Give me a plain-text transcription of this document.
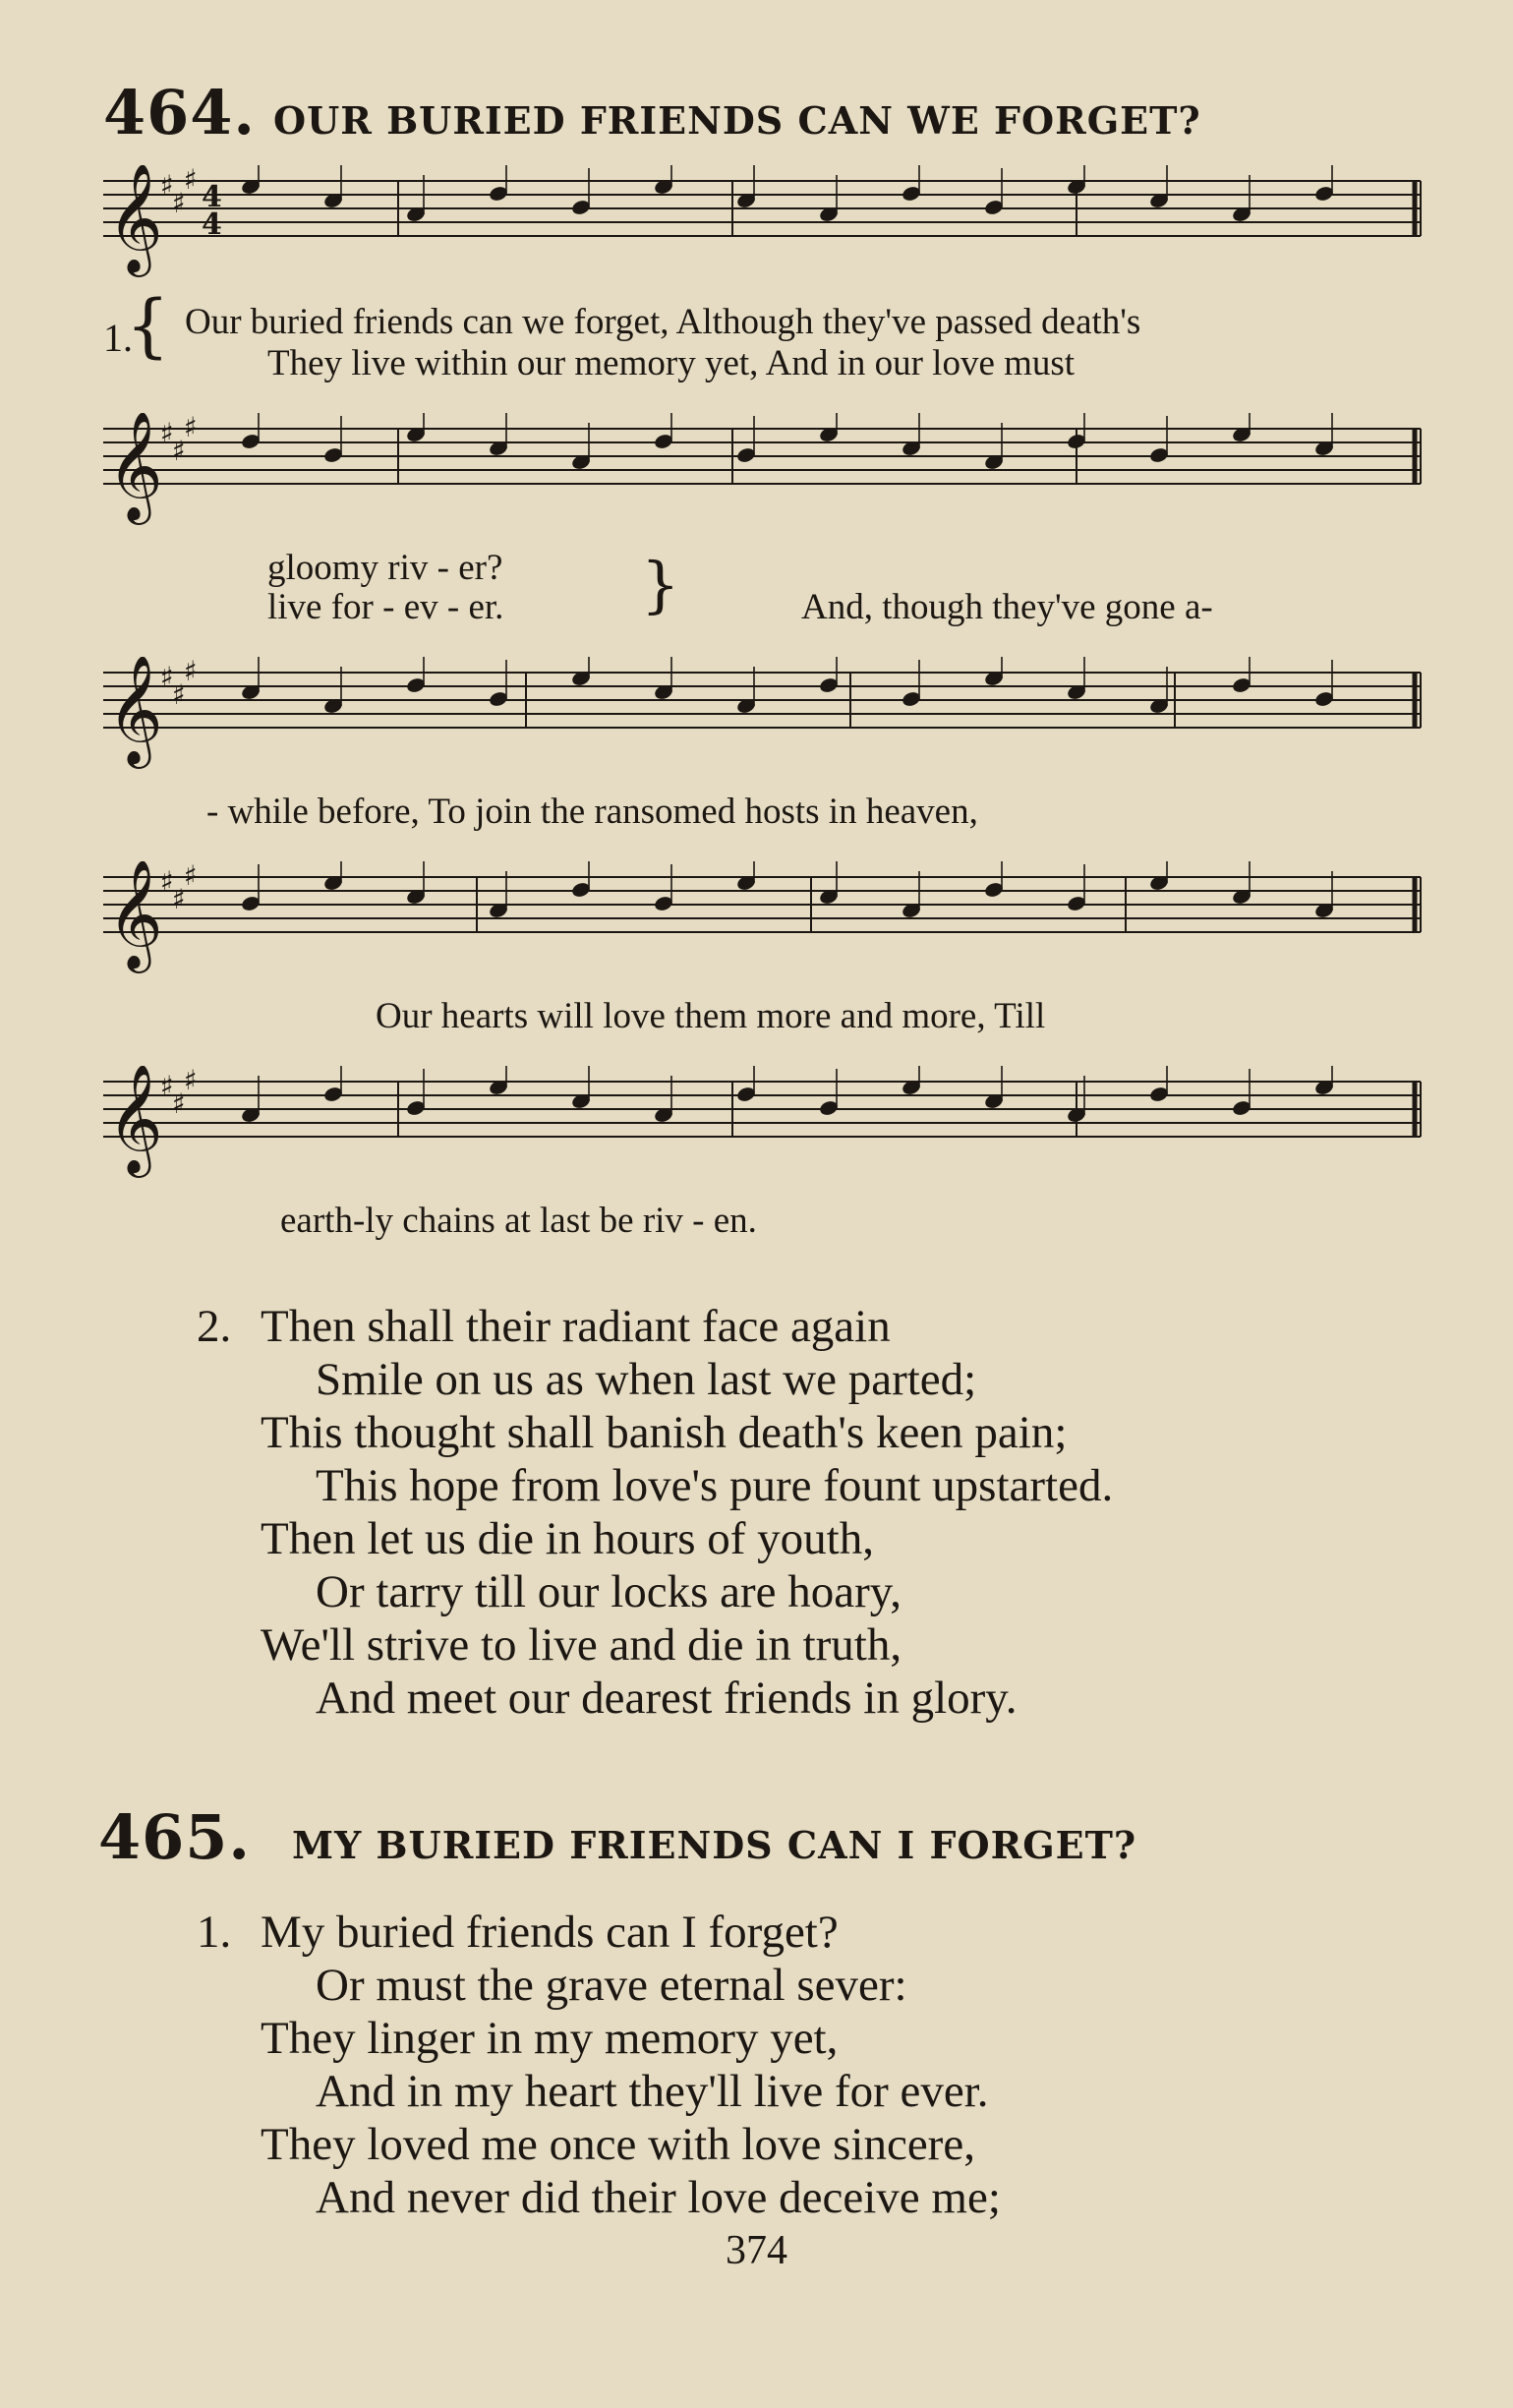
464. OUR BURIED FRIENDS CAN WE FORGET?
𝄞
♯
♯
♯
4
4
{
1. Our buried friends can we forget, Although they've passed death's
They live within our memory yet, And in our love must
𝄞
♯
♯
♯
gloomy riv - er?
live for - ev - er. }	And, though they've gone a-
𝄞
♯
♯
♯
- while before, To join the ransomed hosts in heaven,
𝄞
♯
♯
♯
Our hearts will love them more and more, Till
𝄞
♯
♯
♯
earth-ly chains at last be riv - en.
2. Then shall their radiant face again
Smile on us as when last we parted;
This thought shall banish death's keen pain;
This hope from love's pure fount upstarted.
Then let us die in hours of youth,
Or tarry till our locks are hoary,
We'll strive to live and die in truth,
And meet our dearest friends in glory.
465. MY BURIED FRIENDS CAN I FORGET?
1. My buried friends can I forget?
Or must the grave eternal sever:
They linger in my memory yet,
And in my heart they'll live for ever.
They loved me once with love sincere,
And never did their love deceive me;
374
